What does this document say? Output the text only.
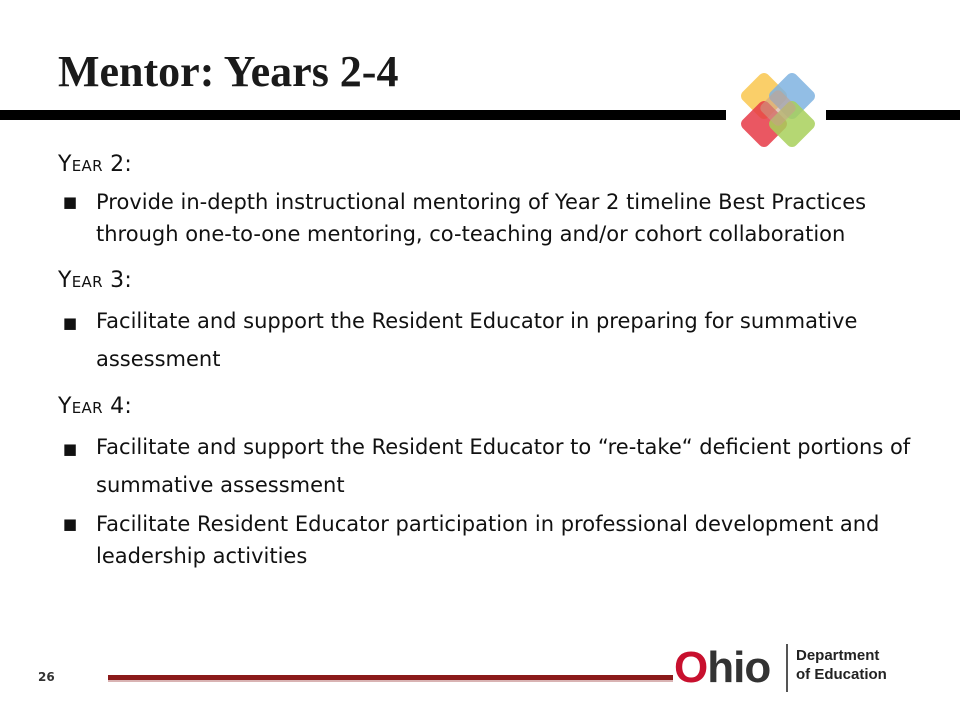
Mentor: Years 2-4
Year 2:
■ Provide in-depth instructional mentoring of Year 2 timeline Best Practices through one-to-one mentoring, co-teaching and/or cohort collaboration
Year 3:
■ Facilitate and support the Resident Educator in preparing for summative assessment
Year 4:
■ Facilitate and support the Resident Educator to “re-take“ deficient portions of summative assessment
■ Facilitate Resident Educator participation in professional development and leadership activities
26	Ohio Department
of Education
